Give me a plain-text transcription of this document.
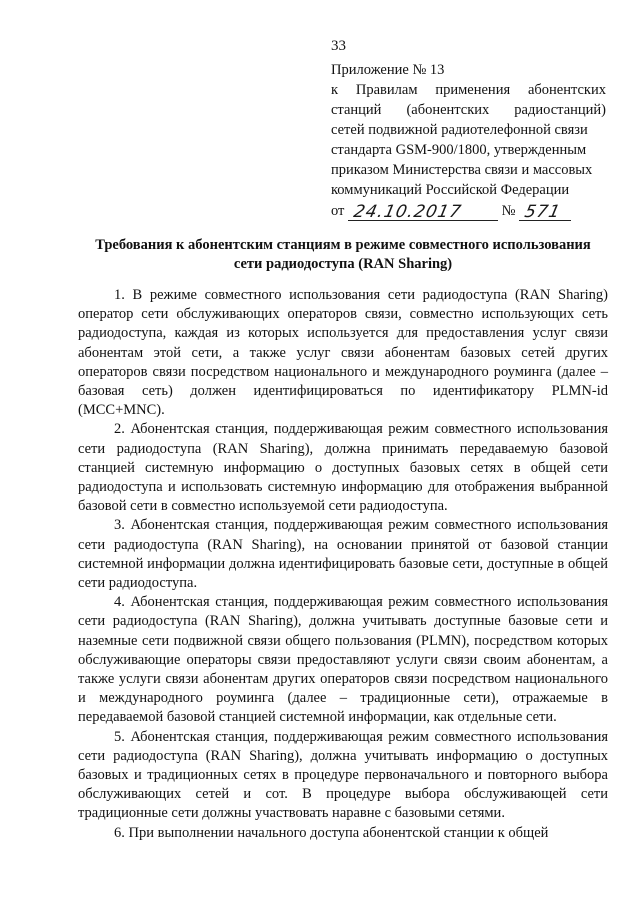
33
Приложение № 13
к Правилам применения абонентских
станций (абонентских радиостанций)
сетей подвижной радиотелефонной связи
стандарта GSM-900/1800, утвержденным
приказом Министерства связи и массовых
коммуникаций Российской Федерации
от 24.10.2017	№ 571
Требования к абонентским станциям в режиме совместного использования
сети радиодоступа (RAN Sharing)

1. В режиме совместного использования сети радиодоступа (RAN Sharing) оператор сети обслуживающих операторов связи, совместно использующих сеть радиодоступа, каждая из которых используется для предоставления услуг связи абонентам этой сети, а также услуг связи абонентам базовых сетей других операторов связи посредством национального и международного роуминга (далее – базовая сеть) должен идентифицироваться по идентификатору PLMN-id (MCC+MNC).

2. Абонентская станция, поддерживающая режим совместного использования сети радиодоступа (RAN Sharing), должна принимать передаваемую базовой станцией системную информацию о доступных базовых сетях в общей сети радиодоступа и использовать системную информацию для отображения выбранной базовой сети в совместно используемой сети радиодоступа.

3. Абонентская станция, поддерживающая режим совместного использования сети радиодоступа (RAN Sharing), на основании принятой от базовой станции системной информации должна идентифицировать базовые сети, доступные в общей сети радиодоступа.

4. Абонентская станция, поддерживающая режим совместного использования сети радиодоступа (RAN Sharing), должна учитывать доступные базовые сети и наземные сети подвижной связи общего пользования (PLMN), посредством которых обслуживающие операторы связи предоставляют услуги связи своим абонентам, а также услуги связи абонентам других операторов связи посредством национального и международного роуминга (далее – традиционные сети), отражаемые в передаваемой базовой станцией системной информации, как отдельные сети.

5. Абонентская станция, поддерживающая режим совместного использования сети радиодоступа (RAN Sharing), должна учитывать информацию о доступных базовых и традиционных сетях в процедуре первоначального и повторного выбора обслуживающих сетей и сот. В процедуре выбора обслуживающей сети традиционные сети должны участвовать наравне с базовыми сетями.

6. При выполнении начального доступа абонентской станции к общей
